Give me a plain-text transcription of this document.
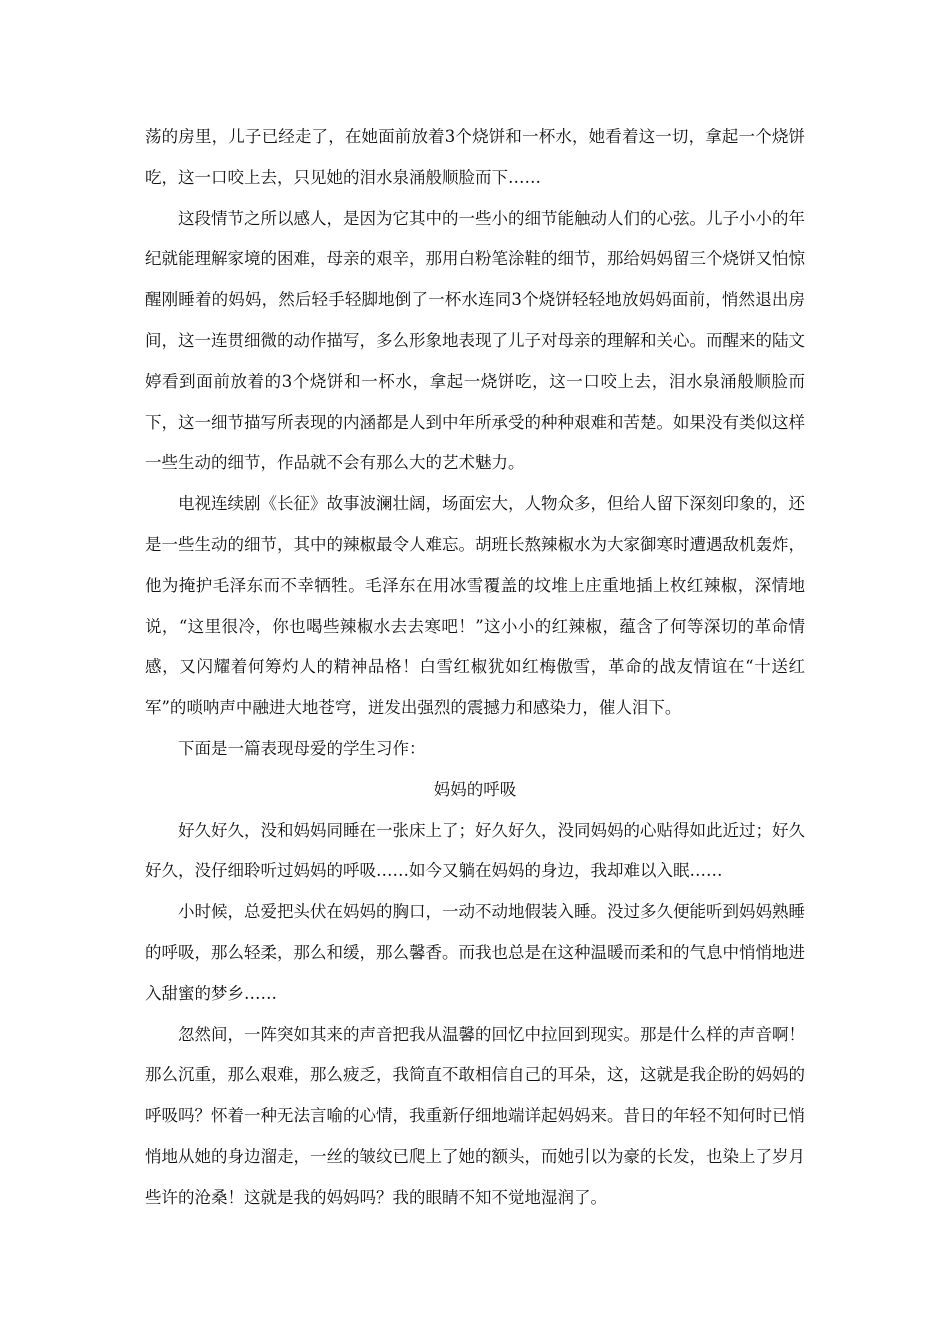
荡的房里，儿子已经走了，在她面前放着3个烧饼和一杯水，她看着这一切，拿起一个烧饼吃，这一口咬上去，只见她的泪水泉涌般顺脸而下……

这段情节之所以感人，是因为它其中的一些小的细节能触动人们的心弦。儿子小小的年纪就能理解家境的困难，母亲的艰辛，那用白粉笔涂鞋的细节，那给妈妈留三个烧饼又怕惊醒刚睡着的妈妈，然后轻手轻脚地倒了一杯水连同3个烧饼轻轻地放妈妈面前，悄然退出房间，这一连贯细微的动作描写，多么形象地表现了儿子对母亲的理解和关心。而醒来的陆文婷看到面前放着的3个烧饼和一杯水，拿起一烧饼吃，这一口咬上去，泪水泉涌般顺脸而下，这一细节描写所表现的内涵都是人到中年所承受的种种艰难和苦楚。如果没有类似这样一些生动的细节，作品就不会有那么大的艺术魅力。

电视连续剧《长征》故事波澜壮阔，场面宏大，人物众多，但给人留下深刻印象的，还是一些生动的细节，其中的辣椒最令人难忘。胡班长熬辣椒水为大家御寒时遭遇敌机轰炸，他为掩护毛泽东而不幸牺牲。毛泽东在用冰雪覆盖的坟堆上庄重地插上枚红辣椒，深情地说，“这里很冷，你也喝些辣椒水去去寒吧！”这小小的红辣椒，蕴含了何等深切的革命情感，又闪耀着何筹灼人的精神品格！白雪红椒犹如红梅傲雪，革命的战友情谊在“十送红军”的唢呐声中融进大地苍穹，迸发出强烈的震撼力和感染力，催人泪下。

下面是一篇表现母爱的学生习作：

妈妈的呼吸

好久好久，没和妈妈同睡在一张床上了；好久好久，没同妈妈的心贴得如此近过；好久好久，没仔细聆听过妈妈的呼吸……如今又躺在妈妈的身边，我却难以入眠……

小时候，总爱把头伏在妈妈的胸口，一动不动地假装入睡。没过多久便能听到妈妈熟睡的呼吸，那么轻柔，那么和缓，那么馨香。而我也总是在这种温暖而柔和的气息中悄悄地进入甜蜜的梦乡……

忽然间，一阵突如其来的声音把我从温馨的回忆中拉回到现实。那是什么样的声音啊！那么沉重，那么艰难，那么疲乏，我简直不敢相信自己的耳朵，这，这就是我企盼的妈妈的呼吸吗？怀着一种无法言喻的心情，我重新仔细地端详起妈妈来。昔日的年轻不知何时已悄悄地从她的身边溜走，一丝的皱纹已爬上了她的额头，而她引以为豪的长发，也染上了岁月些许的沧桑！这就是我的妈妈吗？我的眼睛不知不觉地湿润了。
